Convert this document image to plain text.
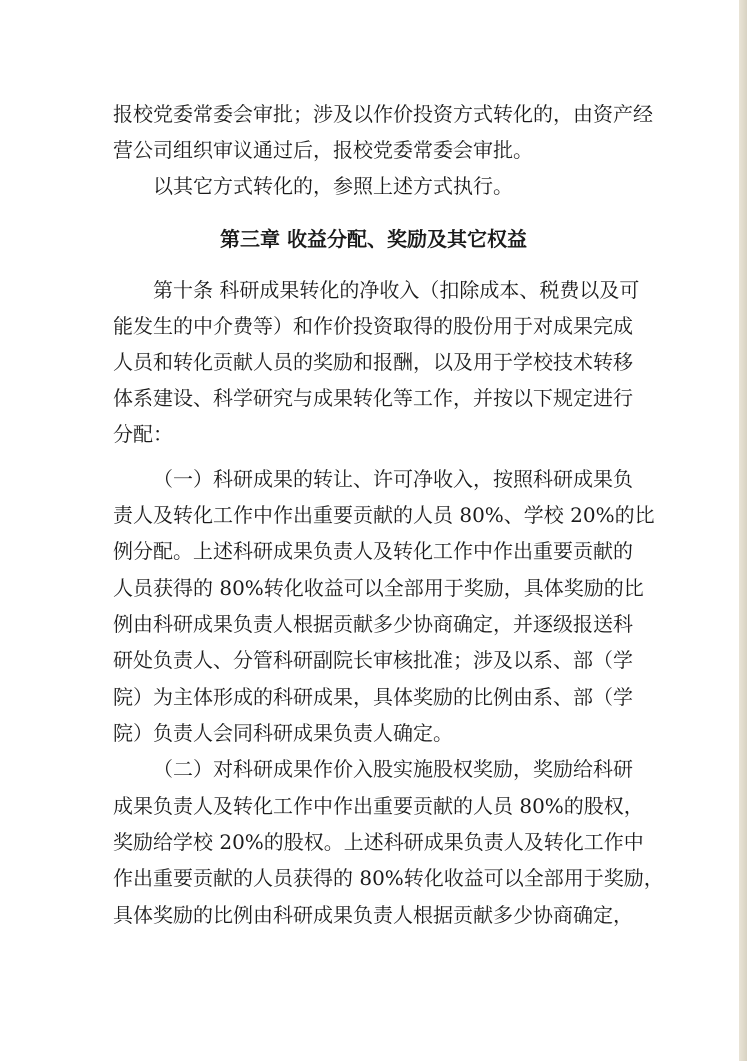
报校党委常委会审批；涉及以作价投资方式转化的，由资产经
营公司组织审议通过后，报校党委常委会审批。
以其它方式转化的，参照上述方式执行。
第三章 收益分配、奖励及其它权益
第十条 科研成果转化的净收入（扣除成本、税费以及可
能发生的中介费等）和作价投资取得的股份用于对成果完成
人员和转化贡献人员的奖励和报酬，以及用于学校技术转移
体系建设、科学研究与成果转化等工作，并按以下规定进行
分配：
（一）科研成果的转让、许可净收入，按照科研成果负
责人及转化工作中作出重要贡献的人员 80%、学校 20%的比
例分配。上述科研成果负责人及转化工作中作出重要贡献的
人员获得的 80%转化收益可以全部用于奖励，具体奖励的比
例由科研成果负责人根据贡献多少协商确定，并逐级报送科
研处负责人、分管科研副院长审核批准；涉及以系、部（学
院）为主体形成的科研成果，具体奖励的比例由系、部（学
院）负责人会同科研成果负责人确定。
（二）对科研成果作价入股实施股权奖励，奖励给科研
成果负责人及转化工作中作出重要贡献的人员 80%的股权，
奖励给学校 20%的股权。上述科研成果负责人及转化工作中
作出重要贡献的人员获得的 80%转化收益可以全部用于奖励，
具体奖励的比例由科研成果负责人根据贡献多少协商确定，
